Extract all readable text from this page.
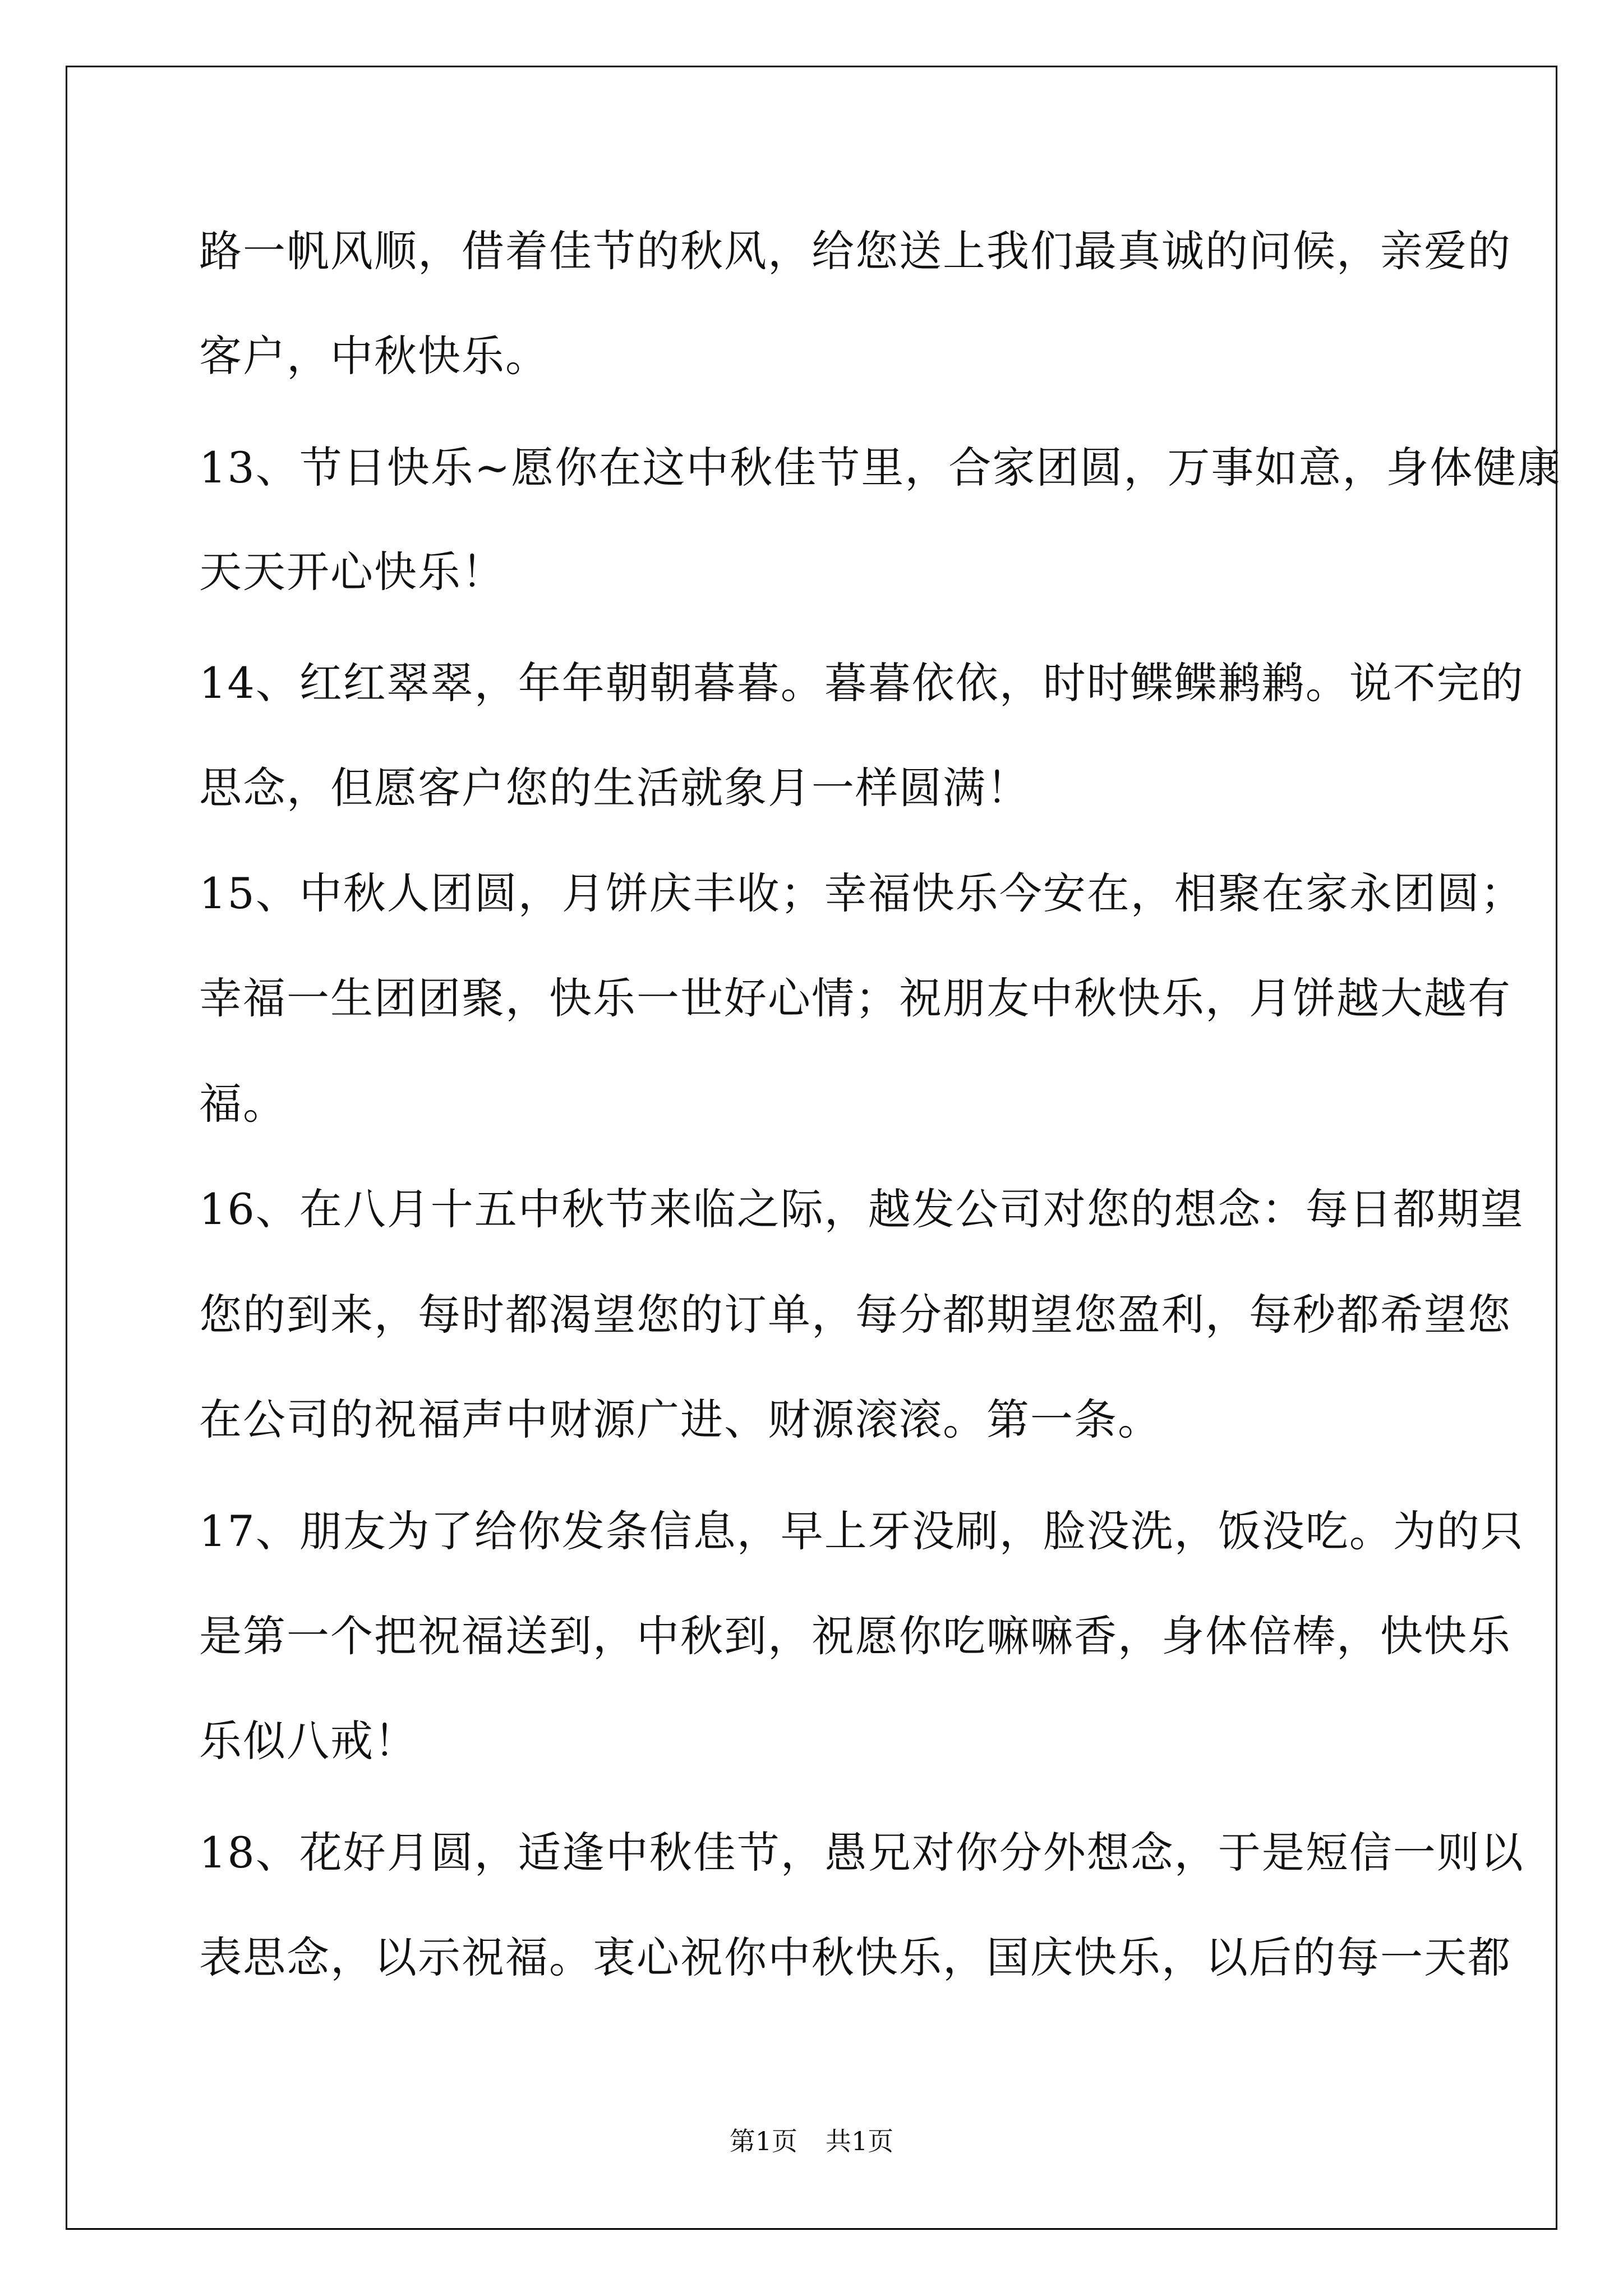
路一帆风顺，借着佳节的秋风，给您送上我们最真诚的问候，亲爱的
客户，中秋快乐。
13、节日快乐~愿你在这中秋佳节里，合家团圆，万事如意，身体健康
天天开心快乐！
14、红红翠翠，年年朝朝暮暮。暮暮依依，时时鲽鲽鹣鹣。说不完的
思念，但愿客户您的生活就象月一样圆满！
15、中秋人团圆，月饼庆丰收；幸福快乐今安在，相聚在家永团圆；
幸福一生团团聚，快乐一世好心情；祝朋友中秋快乐，月饼越大越有
福。
16、在八月十五中秋节来临之际，越发公司对您的想念：每日都期望
您的到来，每时都渴望您的订单，每分都期望您盈利，每秒都希望您
在公司的祝福声中财源广进、财源滚滚。第一条。
17、朋友为了给你发条信息，早上牙没刷，脸没洗，饭没吃。为的只
是第一个把祝福送到，中秋到，祝愿你吃嘛嘛香，身体倍棒，快快乐
乐似八戒！
18、花好月圆，适逢中秋佳节，愚兄对你分外想念，于是短信一则以
表思念，以示祝福。衷心祝你中秋快乐，国庆快乐，以后的每一天都
第1页 共1页
